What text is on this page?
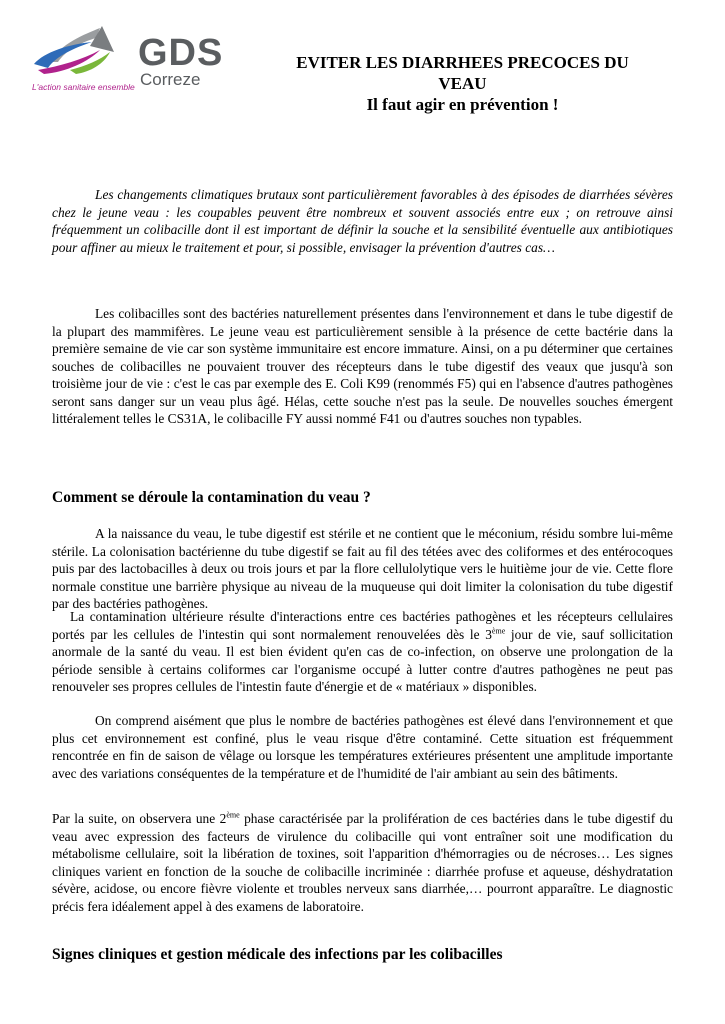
GDS
Correze
L'action sanitaire ensemble
EVITER LES DIARRHEES PRECOCES DU
VEAU
Il faut agir en prévention !

Les changements climatiques brutaux sont particulièrement favorables à des épisodes de diarrhées sévères chez le jeune veau : les coupables peuvent être nombreux et souvent associés entre eux ; on retrouve ainsi fréquemment un colibacille dont il est important de définir la souche et la sensibilité éventuelle aux antibiotiques pour affiner au mieux le traitement et pour, si possible, envisager la prévention d'autres cas…

Les colibacilles sont des bactéries naturellement présentes dans l'environnement et dans le tube digestif de la plupart des mammifères. Le jeune veau est particulièrement sensible à la présence de cette bactérie dans la première semaine de vie car son système immunitaire est encore immature. Ainsi, on a pu déterminer que certaines souches de colibacilles ne pouvaient trouver des récepteurs dans le tube digestif des veaux que jusqu'à son troisième jour de vie : c'est le cas par exemple des E. Coli K99 (renommés F5) qui en l'absence d'autres pathogènes seront sans danger sur un veau plus âgé. Hélas, cette souche n'est pas la seule. De nouvelles souches émergent littéralement telles le CS31A, le colibacille FY aussi nommé F41 ou d'autres souches non typables.

Comment se déroule la contamination du veau ?

A la naissance du veau, le tube digestif est stérile et ne contient que le méconium, résidu sombre lui-même stérile. La colonisation bactérienne du tube digestif se fait au fil des tétées avec des coliformes et des entérocoques puis par des lactobacilles à deux ou trois jours et par la flore cellulolytique vers le huitième jour de vie. Cette flore normale constitue une barrière physique au niveau de la muqueuse qui doit limiter la colonisation du tube digestif par des bactéries pathogènes.

La contamination ultérieure résulte d'interactions entre ces bactéries pathogènes et les récepteurs cellulaires portés par les cellules de l'intestin qui sont normalement renouvelées dès le 3ème jour de vie, sauf sollicitation anormale de la santé du veau. Il est bien évident qu'en cas de co-infection, on observe une prolongation de la période sensible à certains coliformes car l'organisme occupé à lutter contre d'autres pathogènes ne peut pas renouveler ses propres cellules de l'intestin faute d'énergie et de « matériaux » disponibles.

On comprend aisément que plus le nombre de bactéries pathogènes est élevé dans l'environnement et que plus cet environnement est confiné, plus le veau risque d'être contaminé. Cette situation est fréquemment rencontrée en fin de saison de vêlage ou lorsque les températures extérieures présentent une amplitude importante avec des variations conséquentes de la température et de l'humidité de l'air ambiant au sein des bâtiments.

Par la suite, on observera une 2ème phase caractérisée par la prolifération de ces bactéries dans le tube digestif du veau avec expression des facteurs de virulence du colibacille qui vont entraîner soit une modification du métabolisme cellulaire, soit la libération de toxines, soit l'apparition d'hémorragies ou de nécroses… Les signes cliniques varient en fonction de la souche de colibacille incriminée : diarrhée profuse et aqueuse, déshydratation sévère, acidose, ou encore fièvre violente et troubles nerveux sans diarrhée,… pourront apparaître. Le diagnostic précis fera idéalement appel à des examens de laboratoire.

Signes cliniques et gestion médicale des infections par les colibacilles
